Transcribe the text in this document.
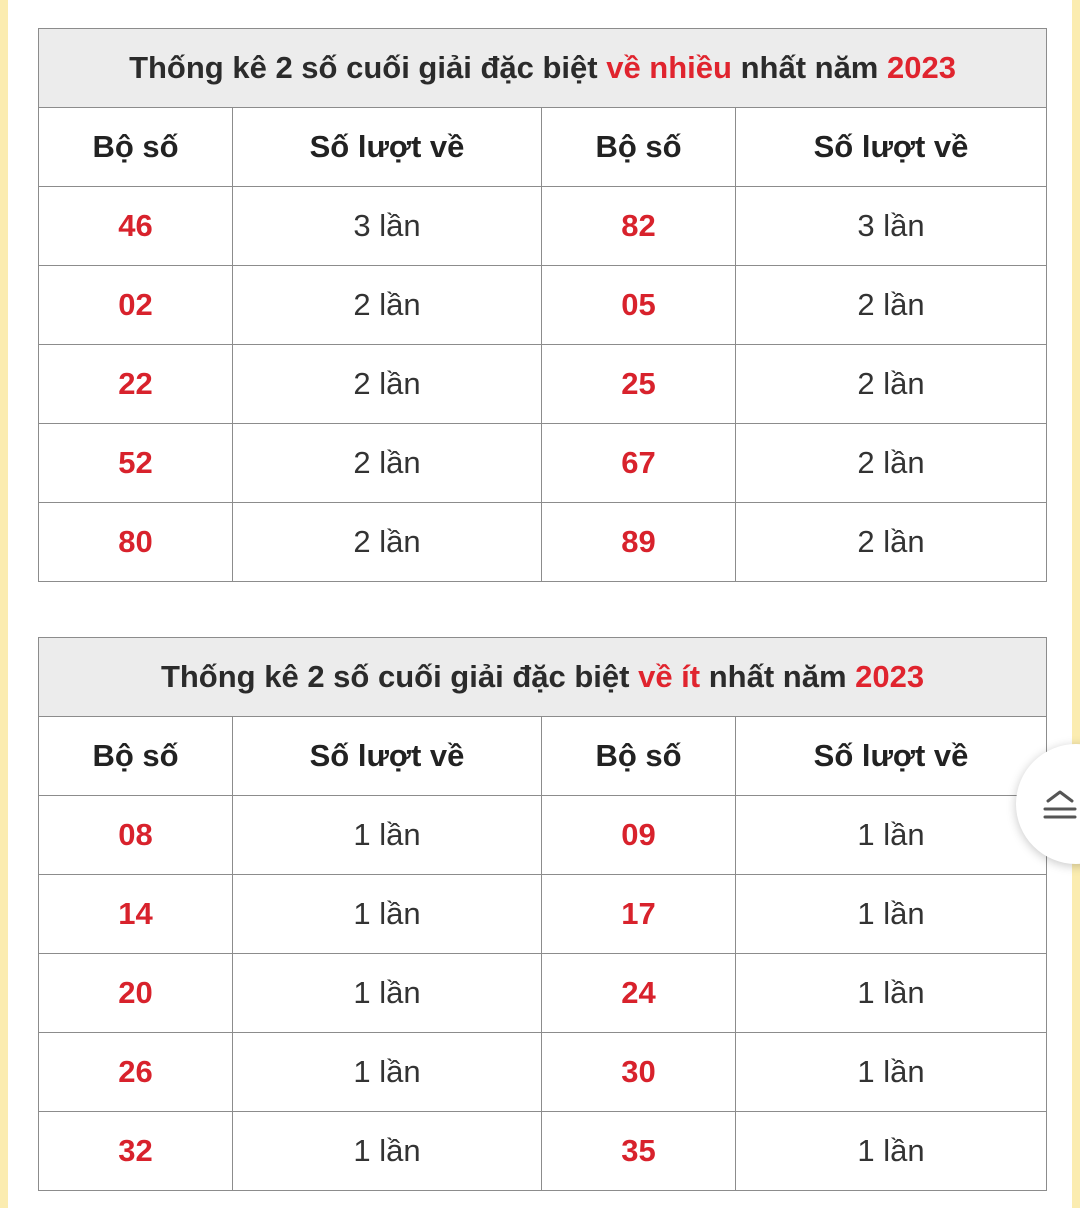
Thống kê 2 số cuối giải đặc biệt về nhiều nhất năm 2023			
Bộ số	Số lượt về	Bộ số	Số lượt về
46	3 lần	82	3 lần
02	2 lần	05	2 lần
22	2 lần	25	2 lần
52	2 lần	67	2 lần
80	2 lần	89	2 lần
Thống kê 2 số cuối giải đặc biệt về ít nhất năm 2023			
Bộ số	Số lượt về	Bộ số	Số lượt về
08	1 lần	09	1 lần
14	1 lần	17	1 lần
20	1 lần	24	1 lần
26	1 lần	30	1 lần
32	1 lần	35	1 lần
